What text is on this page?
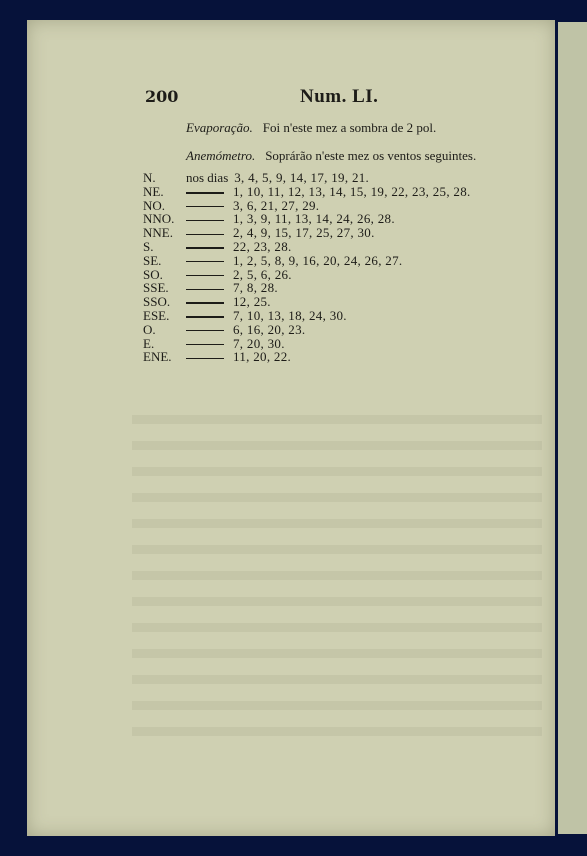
200	Num. LI.
Evaporação. Foi n'este mez a sombra de 2 pol.
Anemómetro. Soprárão n'este mez os ventos seguintes.
N. nos dias 3, 4, 5, 9, 14, 17, 19, 21.
NE.	1, 10, 11, 12, 13, 14, 15, 19, 22, 23, 25, 28.
NO.	3, 6, 21, 27, 29.
NNO.	1, 3, 9, 11, 13, 14, 24, 26, 28.
NNE.	2, 4, 9, 15, 17, 25, 27, 30.
S.	22, 23, 28.
SE.	1, 2, 5, 8, 9, 16, 20, 24, 26, 27.
SO.	2, 5, 6, 26.
SSE.	7, 8, 28.
SSO.	12, 25.
ESE.	7, 10, 13, 18, 24, 30.
O.	6, 16, 20, 23.
E.	7, 20, 30.
ENE.	11, 20, 22.
